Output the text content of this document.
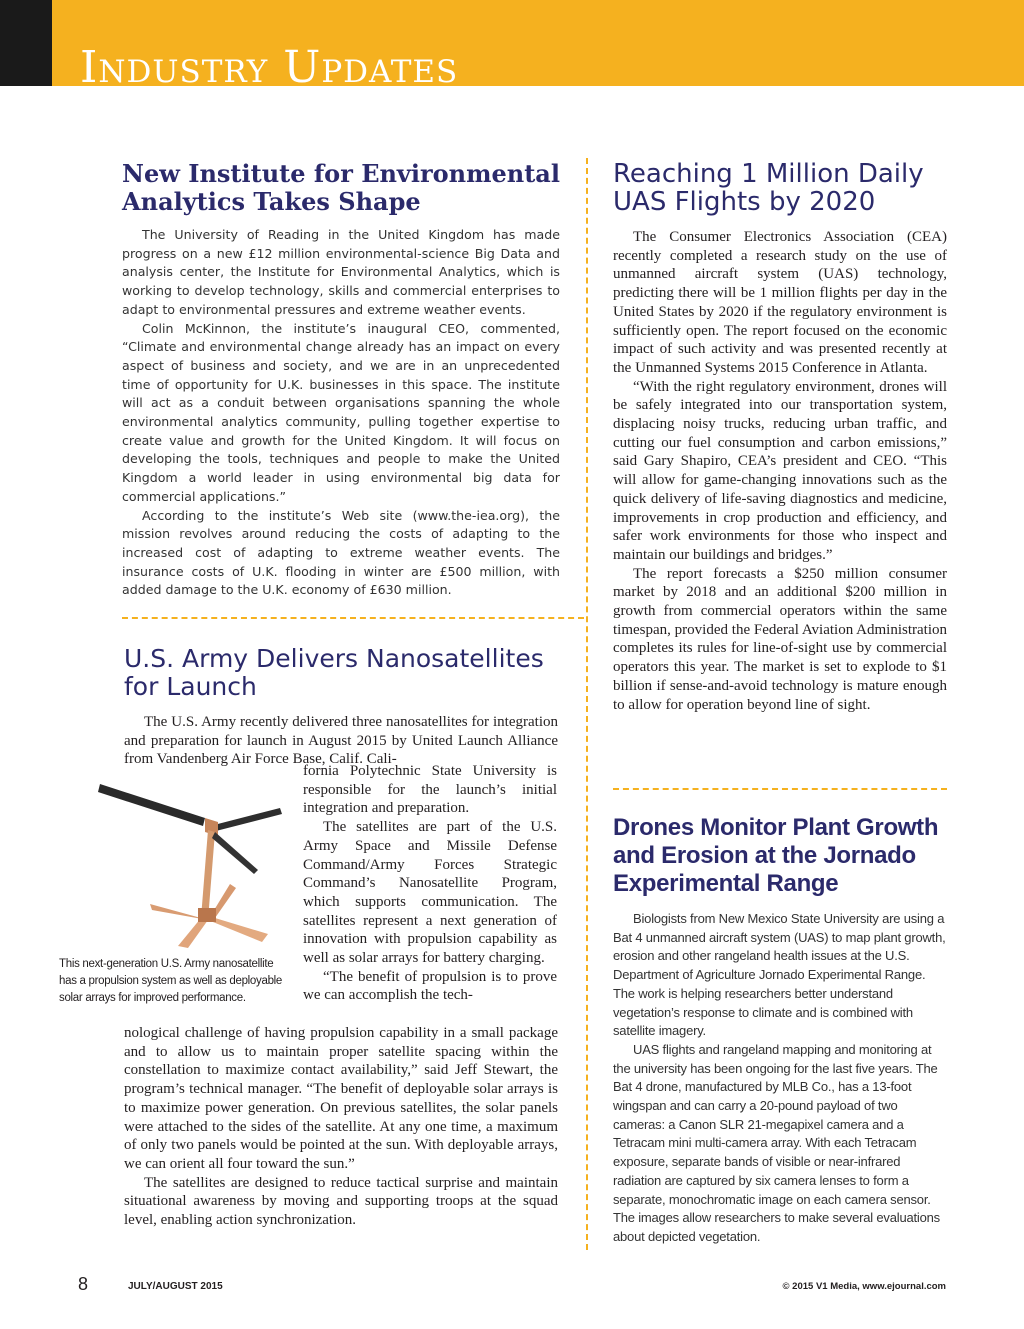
Industry Updates
New Institute for Environmental Analytics Takes Shape

The University of Reading in the United Kingdom has made progress on a new £12 million environmental-science Big Data and analysis center, the Institute for Environmental Analytics, which is working to develop technology, skills and commercial enterprises to adapt to environmental pressures and extreme weather events.

Colin McKinnon, the institute’s inaugural CEO, commented, “Climate and environmental change already has an impact on every aspect of business and society, and we are in an unprecedented time of opportunity for U.K. businesses in this space. The institute will act as a conduit between organisations spanning the whole environmental analytics community, pulling together expertise to create value and growth for the United Kingdom. It will focus on developing the tools, techniques and people to make the United Kingdom a world leader in using environmental big data for commercial applications.”

According to the institute’s Web site (www.the-iea.org), the mission revolves around reducing the costs of adapting to the increased cost of adapting to extreme weather events. The insurance costs of U.K. flooding in winter are £500 million, with added damage to the U.K. economy of £630 million.

U.S. Army Delivers Nanosatellites for Launch

The U.S. Army recently delivered three nanosatellites for integration and preparation for launch in August 2015 by United Launch Alliance from Vandenberg Air Force Base, Calif. Cali-

fornia Polytechnic State University is responsible for the launch’s initial integration and preparation.

The satellites are part of the U.S. Army Space and Missile Defense Command/Army Forces Strategic Command’s Nanosatellite Program, which supports communication. The satellites represent a next generation of innovation with propulsion capability as well as solar arrays for battery charging.

“The benefit of propulsion is to prove we can accomplish the tech-

nological challenge of having propulsion capability in a small package and to allow us to maintain proper satellite spacing within the constellation to maximize contact availability,” said Jeff Stewart, the program’s technical manager. “The benefit of deployable solar arrays is to maximize power generation. On previous satellites, the solar panels were attached to the sides of the satellite. At any one time, a maximum of only two panels would be pointed at the sun. With deployable arrays, we can orient all four toward the sun.”

The satellites are designed to reduce tactical surprise and maintain situational awareness by moving and supporting troops at the squad level, enabling action synchronization.

This next-generation U.S. Army nanosatellite has a propulsion system as well as deployable solar arrays for improved performance.
Reaching 1 Million Daily UAS Flights by 2020

The Consumer Electronics Association (CEA) recently completed a research study on the use of unmanned aircraft system (UAS) technology, predicting there will be 1 million flights per day in the United States by 2020 if the regulatory environment is sufficiently open. The report focused on the economic impact of such activity and was presented recently at the Unmanned Systems 2015 Conference in Atlanta.

“With the right regulatory environment, drones will be safely integrated into our transportation system, displacing noisy trucks, reducing urban traffic, and cutting our fuel consumption and carbon emissions,” said Gary Shapiro, CEA’s president and CEO. “This will allow for game-changing innovations such as the quick delivery of life-saving diagnostics and medicine, improvements in crop production and efficiency, and safer work environments for those who inspect and maintain our buildings and bridges.”

The report forecasts a $250 million consumer market by 2018 and an additional $200 million in growth from commercial operators within the same timespan, provided the Federal Aviation Administration completes its rules for line-of-sight use by commercial operators this year. The market is set to explode to $1 billion if sense-and-avoid technology is mature enough to allow for operation beyond line of sight.

Drones Monitor Plant Growth and Erosion at the Jornado Experimental Range

Biologists from New Mexico State University are using a Bat 4 unmanned aircraft system (UAS) to map plant growth, erosion and other rangeland health issues at the U.S. Department of Agriculture Jornado Experimental Range. The work is helping researchers better understand vegetation’s response to climate and is combined with satellite imagery.

UAS flights and rangeland mapping and monitoring at the university has been ongoing for the last five years. The Bat 4 drone, manufactured by MLB Co., has a 13-foot wingspan and can carry a 20-pound payload of two cameras: a Canon SLR 21-megapixel camera and a Tetracam mini multi-camera array. With each Tetracam exposure, separate bands of visible or near-infrared radiation are captured by six camera lenses to form a separate, monochromatic image on each camera sensor. The images allow researchers to make several evaluations about depicted vegetation.

8	JULY/AUGUST 2015	© 2015 V1 Media, www.ejournal.com
